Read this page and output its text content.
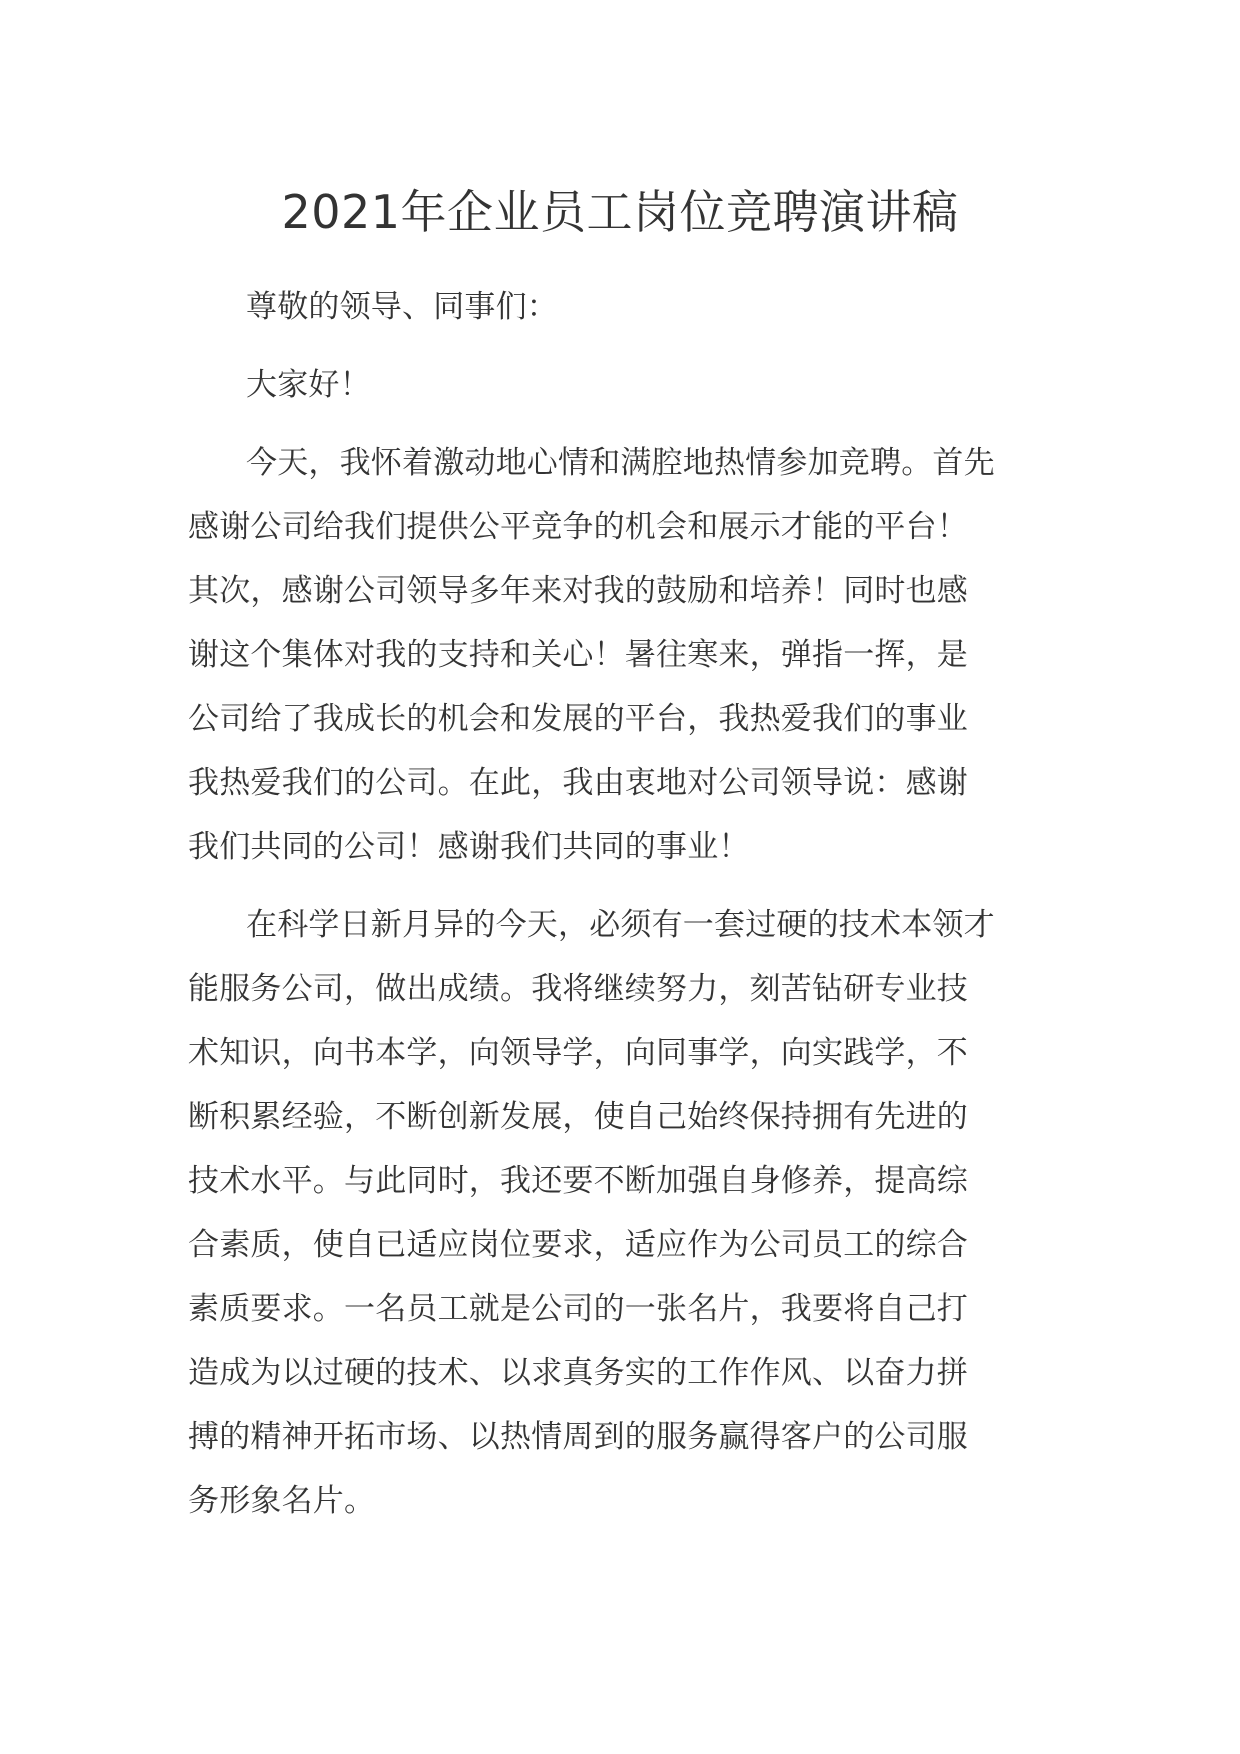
2021年企业员工岗位竞聘演讲稿

尊敬的领导、同事们：

大家好！

今天，我怀着激动地心情和满腔地热情参加竞聘。首先

感谢公司给我们提供公平竞争的机会和展示才能的平台！

其次，感谢公司领导多年来对我的鼓励和培养！同时也感

谢这个集体对我的支持和关心！暑往寒来，弹指一挥，是

公司给了我成长的机会和发展的平台，我热爱我们的事业

我热爱我们的公司。在此，我由衷地对公司领导说：感谢

我们共同的公司！感谢我们共同的事业！

在科学日新月异的今天，必须有一套过硬的技术本领才

能服务公司，做出成绩。我将继续努力，刻苦钻研专业技

术知识，向书本学，向领导学，向同事学，向实践学，不

断积累经验，不断创新发展，使自己始终保持拥有先进的

技术水平。与此同时，我还要不断加强自身修养，提高综

合素质，使自已适应岗位要求，适应作为公司员工的综合

素质要求。一名员工就是公司的一张名片，我要将自己打

造成为以过硬的技术、以求真务实的工作作风、以奋力拼

搏的精神开拓市场、以热情周到的服务赢得客户的公司服

务形象名片。
